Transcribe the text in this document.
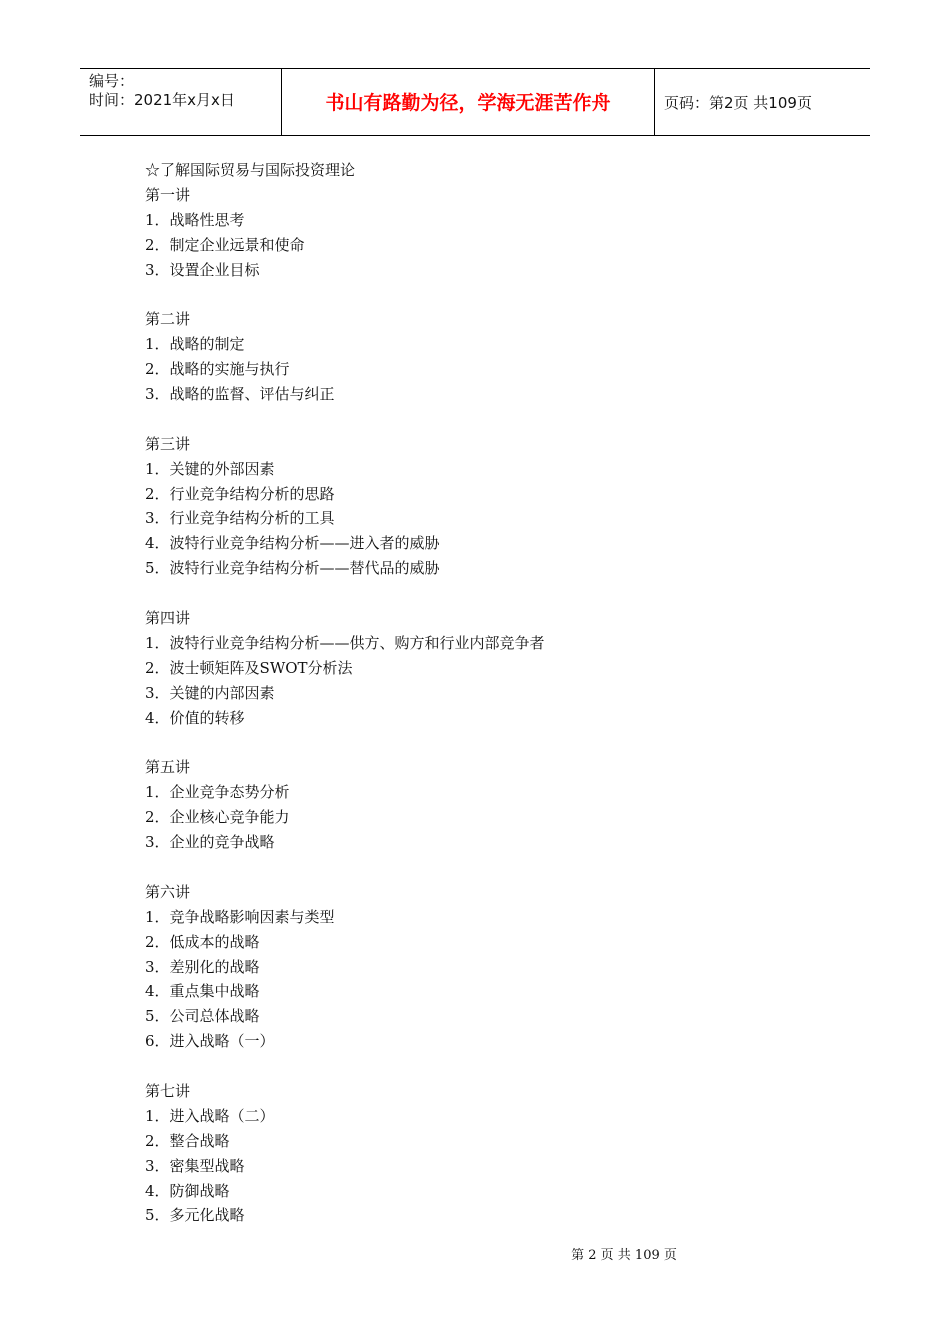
编号：
时间：2021年x月x日	书山有路勤为径，学海无涯苦作舟	页码：第2页 共109页
☆了解国际贸易与国际投资理论
第一讲
1．战略性思考
2．制定企业远景和使命
3．设置企业目标
第二讲
1．战略的制定
2．战略的实施与执行
3．战略的监督、评估与纠正
第三讲
1．关键的外部因素
2．行业竞争结构分析的思路
3．行业竞争结构分析的工具
4．波特行业竞争结构分析——进入者的威胁
5．波特行业竞争结构分析——替代品的威胁
第四讲
1．波特行业竞争结构分析——供方、购方和行业内部竞争者
2．波士顿矩阵及SWOT分析法
3．关键的内部因素
4．价值的转移
第五讲
1．企业竞争态势分析
2．企业核心竞争能力
3．企业的竞争战略
第六讲
1．竞争战略影响因素与类型
2．低成本的战略
3．差别化的战略
4．重点集中战略
5．公司总体战略
6．进入战略（一）
第七讲
1．进入战略（二）
2．整合战略
3．密集型战略
4．防御战略
5．多元化战略
第 2 页 共 109 页
